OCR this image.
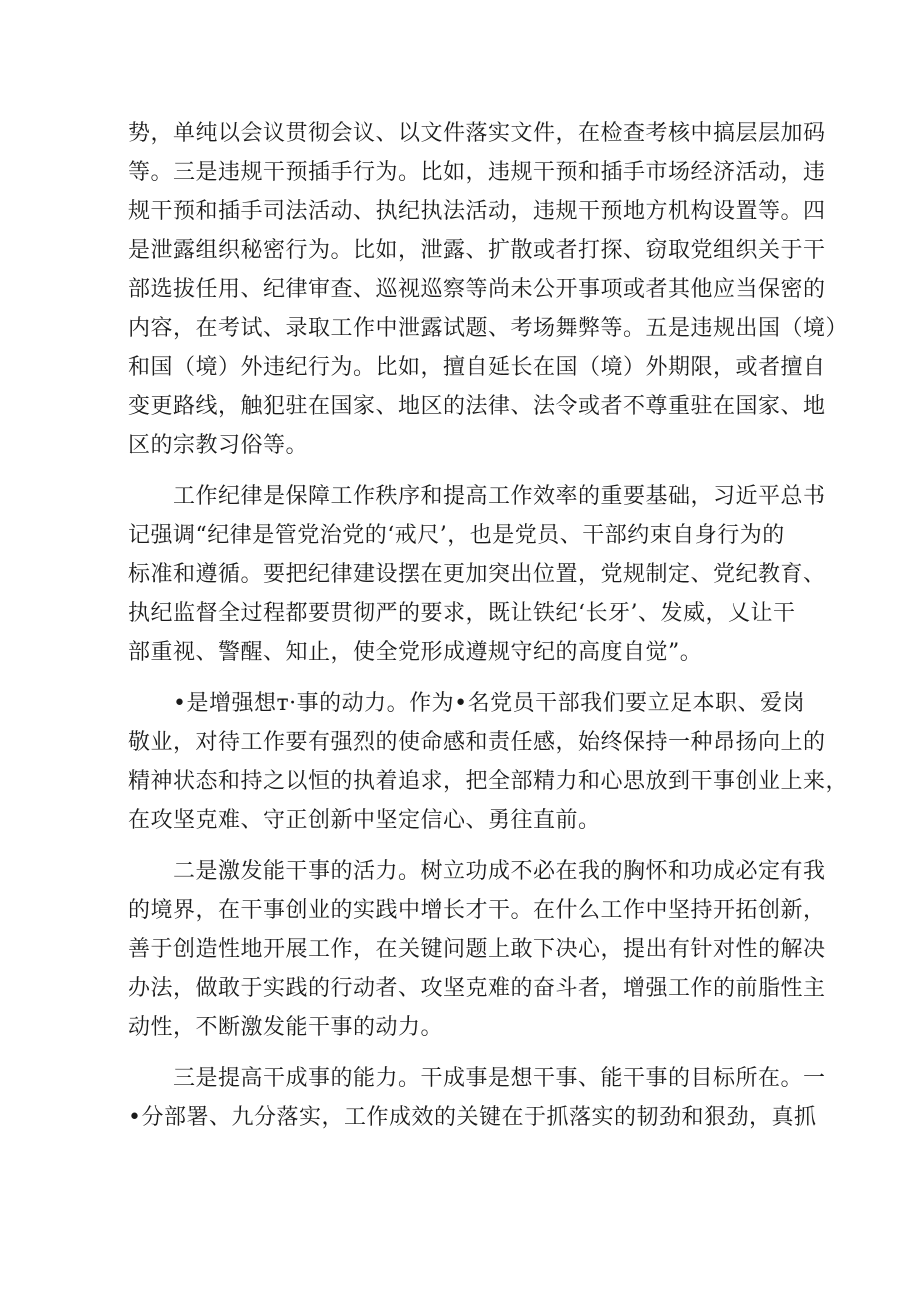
势，单纯以会议贯彻会议、以文件落实文件，在检查考核中搞层层加码
等。三是违规干预插手行为。比如，违规干预和插手市场经济活动，违
规干预和插手司法活动、执纪执法活动，违规干预地方机构设置等。四
是泄露组织秘密行为。比如，泄露、扩散或者打探、窃取党组织关于干
部选拔任用、纪律审查、巡视巡察等尚未公开事项或者其他应当保密的
内容，在考试、录取工作中泄露试题、考场舞弊等。五是违规出国（境）
和国（境）外违纪行为。比如，擅自延长在国（境）外期限，或者擅自
变更路线，触犯驻在国家、地区的法律、法令或者不尊重驻在国家、地
区的宗教习俗等。

　　工作纪律是保障工作秩序和提高工作效率的重要基础，习近平总书
记强调“纪律是管党治党的‘戒尺’，也是党员、干部约束自身行为的
标准和遵循。要把纪律建设摆在更加突出位置，党规制定、党纪教育、
执纪监督全过程都要贯彻严的要求，既让铁纪‘长牙’、发威，乂让干
部重视、警醒、知止，使全党形成遵规守纪的高度自觉”。

　　•是增强想т·事的动力。作为•名党员干部我们要立足本职、爱岗
敬业，对待工作要有强烈的使命感和责任感，始终保持一种昂扬向上的
精神状态和持之以恒的执着追求，把全部精力和心思放到干事创业上来，
在攻坚克难、守正创新中坚定信心、勇往直前。

　　二是激发能干事的活力。树立功成不必在我的胸怀和功成必定有我
的境界，在干事创业的实践中增长才干。在什么工作中坚持开拓创新，
善于创造性地开展工作，在关键问题上敢下决心，提出有针对性的解决
办法，做敢于实践的行动者、攻坚克难的奋斗者，增强工作的前脂性主
动性，不断激发能干事的动力。

　　三是提高干成事的能力。干成事是想干事、能干事的目标所在。一
•分部署、九分落实，工作成效的关键在于抓落实的韧劲和狠劲，真抓
